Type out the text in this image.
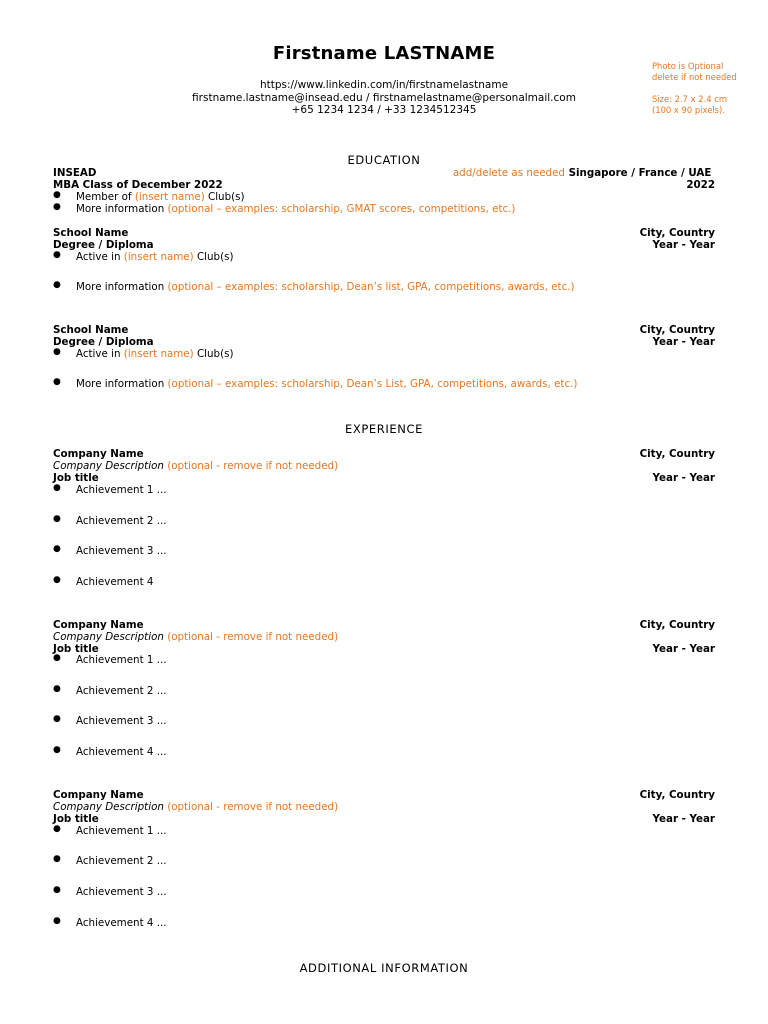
Firstname LASTNAME
https://www.linkedin.com/in/firstnamelastname
firstname.lastname@insead.edu / firstnamelastname@personalmail.com
+65 1234 1234 / +33 1234512345
Photo is Optional
delete if not needed
Size: 2.7 x 2.4 cm (100 x 90 pixels).
EDUCATION
INSEAD	add/delete as needed Singapore / France / UAE
MBA Class of December 2022	2022
● Member of (insert name) Club(s)
● More information (optional – examples: scholarship, GMAT scores, competitions, etc.)
School Name	City, Country
Degree / Diploma	Year - Year
● Active in (insert name) Club(s)
● More information (optional – examples: scholarship, Dean’s list, GPA, competitions, awards, etc.)
School Name	City, Country
Degree / Diploma	Year - Year
● Active in (insert name) Club(s)
● More information (optional – examples: scholarship, Dean’s List, GPA, competitions, awards, etc.)
EXPERIENCE
Company Name	City, Country
Company Description (optional - remove if not needed)
Job title	Year - Year
● Achievement 1 ...
● Achievement 2 ...
● Achievement 3 ...
● Achievement 4
Company Name	City, Country
Company Description (optional - remove if not needed)
Job title	Year - Year
● Achievement 1 ...
● Achievement 2 ...
● Achievement 3 ...
● Achievement 4 ...
Company Name	City, Country
Company Description (optional - remove if not needed)
Job title	Year - Year
● Achievement 1 ...
● Achievement 2 ...
● Achievement 3 ...
● Achievement 4 ...
ADDITIONAL INFORMATION
